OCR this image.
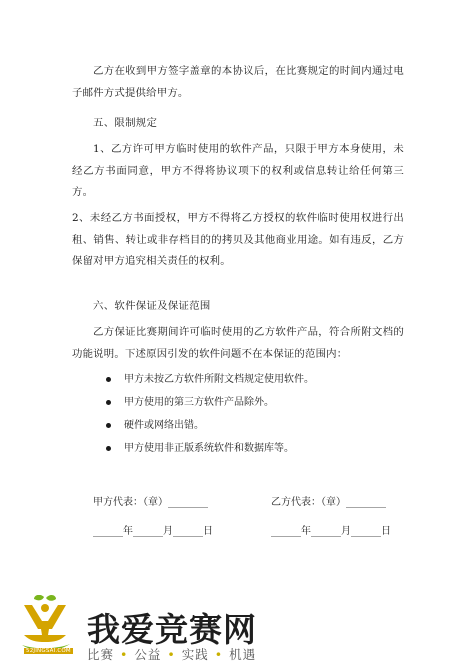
乙方在收到甲方签字盖章的本协议后，在比赛规定的时间内通过电子邮件方式提供给甲方。
五、限制规定
1、乙方许可甲方临时使用的软件产品，只限于甲方本身使用，未经乙方书面同意，甲方不得将协议项下的权利或信息转让给任何第三方。
2、未经乙方书面授权，甲方不得将乙方授权的软件临时使用权进行出租、销售、转让或非存档目的的拷贝及其他商业用途。如有违反，乙方保留对甲方追究相关责任的权利。
六、软件保证及保证范围
乙方保证比赛期间许可临时使用的乙方软件产品，符合所附文档的功能说明。下述原因引发的软件问题不在本保证的范围内：
甲方未按乙方软件所附文档规定使用软件。
甲方使用的第三方软件产品除外。
硬件或网络出错。
甲方使用非正版系统软件和数据库等。
甲方代表：（章）________	乙方代表：（章）________
______年______月______日	______年______月______日
52JINGSAI.COM
我爱竞赛网
比赛 • 公益 • 实践 • 机遇
